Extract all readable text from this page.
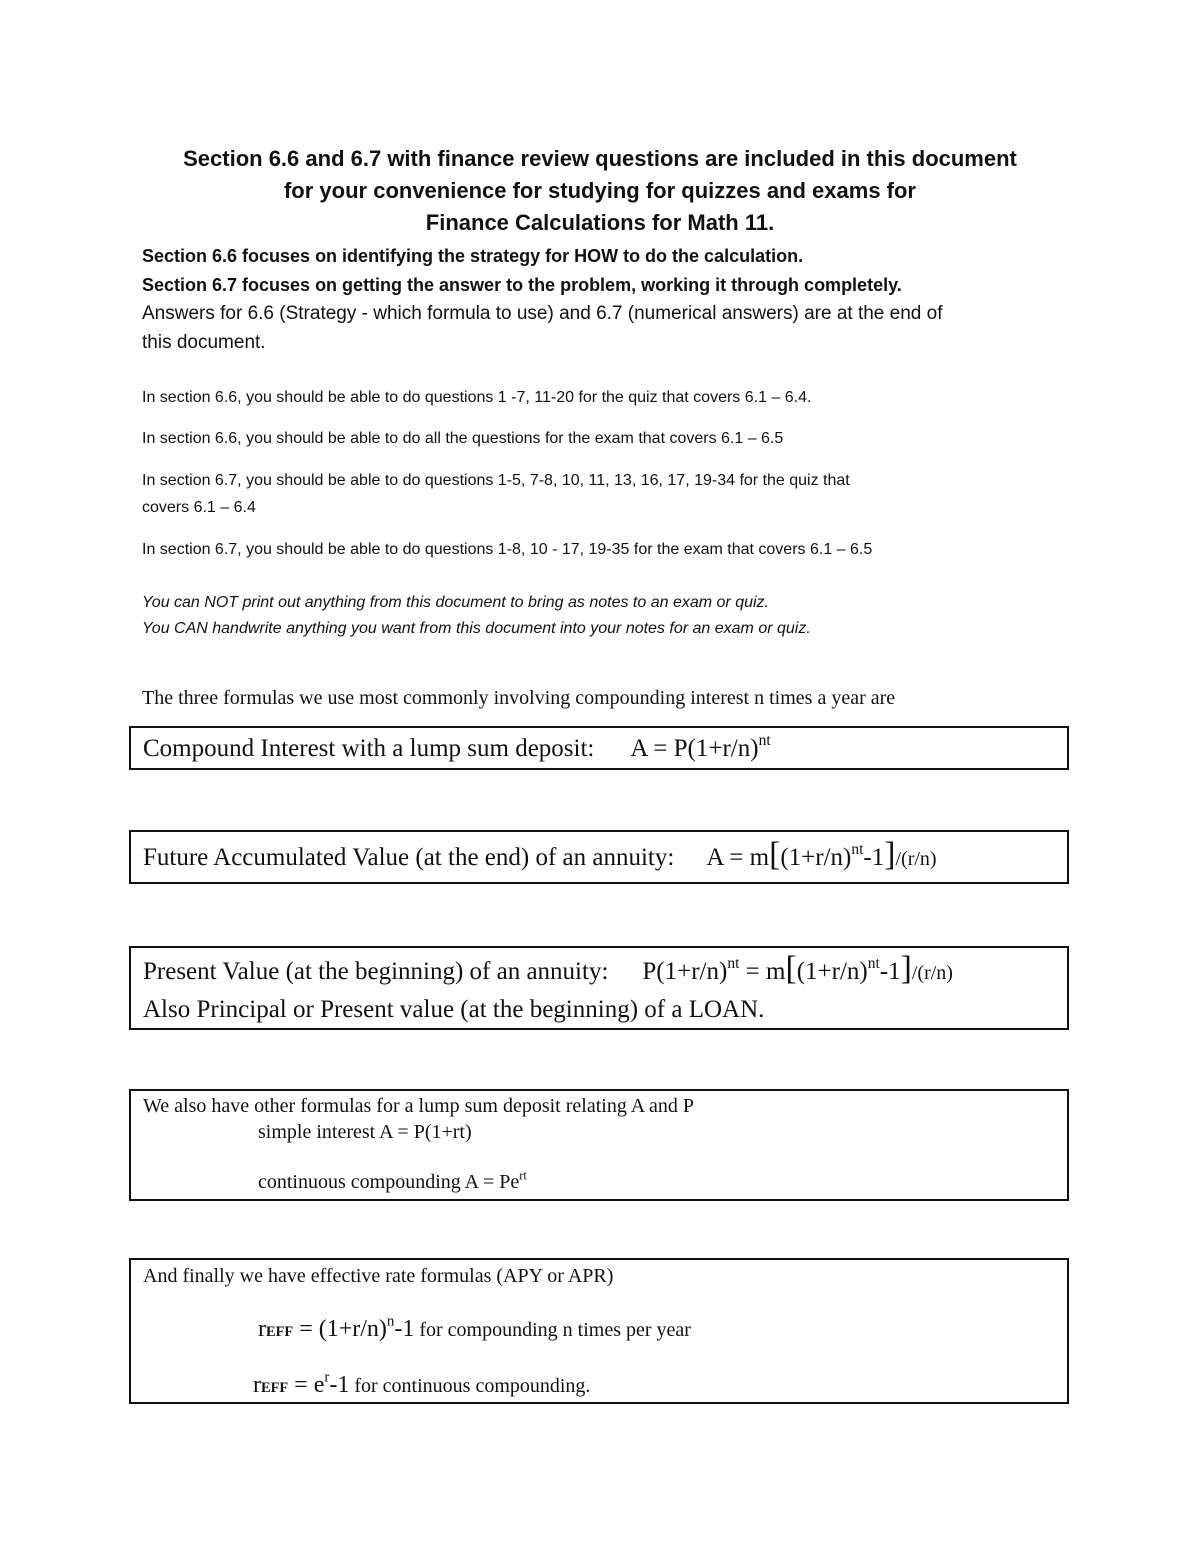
Section 6.6 and 6.7 with finance review questions are included in this document
for your convenience for studying for quizzes and exams for
Finance Calculations for Math 11.
Section 6.6 focuses on identifying the strategy for HOW to do the calculation.
Section 6.7 focuses on getting the answer to the problem, working it through completely.
Answers for 6.6 (Strategy - which formula to use) and 6.7 (numerical answers) are at the end of
this document.
In section 6.6, you should be able to do questions 1 -7, 11-20 for the quiz that covers 6.1 – 6.4.
In section 6.6, you should be able to do all the questions for the exam that covers 6.1 – 6.5
In section 6.7, you should be able to do questions 1-5, 7-8, 10, 11, 13, 16, 17, 19-34 for the quiz that
covers 6.1 – 6.4
In section 6.7, you should be able to do questions 1-8, 10 - 17, 19-35 for the exam that covers 6.1 – 6.5
You can NOT print out anything from this document to bring as notes to an exam or quiz.
You CAN handwrite anything you want from this document into your notes for an exam or quiz.
The three formulas we use most commonly involving compounding interest n times a year are
Compound Interest with a lump sum deposit: $A = P(1+r/n)^{nt}$
Future Accumulated Value (at the end) of an annuity: $A = m[(1+r/n)^{nt}-1]/(r/n)$
Present Value (at the beginning) of an annuity: $P(1+r/n)^{nt} = m[(1+r/n)^{nt}-1]/(r/n)$
Also Principal or Present value (at the beginning) of a LOAN.
We also have other formulas for a lump sum deposit relating A and P
simple interest A = P(1+rt)
continuous compounding $A = Pe^{rt}$
And finally we have effective rate formulas (APY or APR)
rEFF = $(1+r/n)^n-1$ for compounding n times per year
rEFF = $e^r-1$ for continuous compounding.
